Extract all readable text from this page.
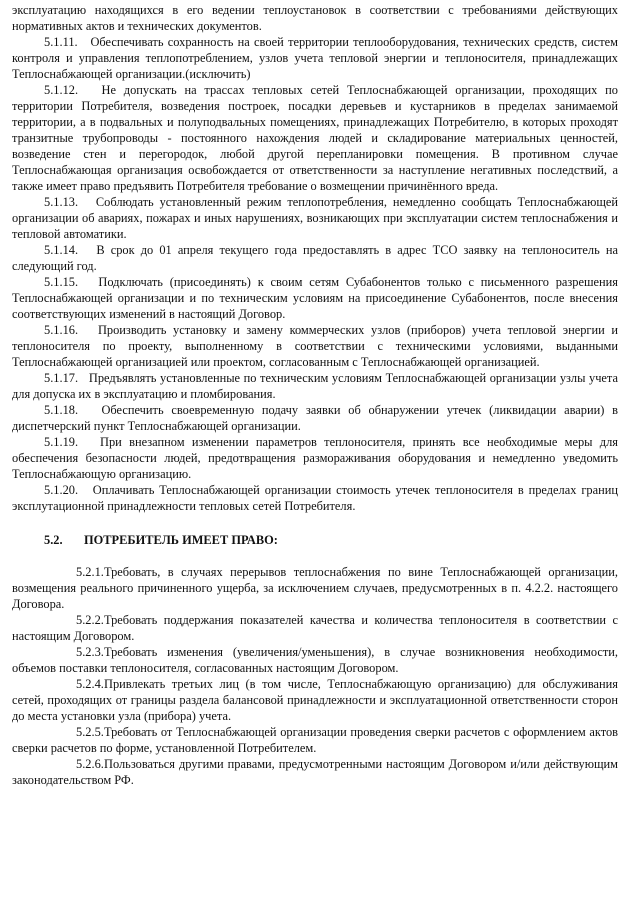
эксплуатацию находящихся в его ведении теплоустановок в соответствии с требованиями действующих нормативных актов и технических документов.

5.1.11. Обеспечивать сохранность на своей территории теплооборудования, технических средств, систем контроля и управления теплопотреблением, узлов учета тепловой энергии и теплоносителя, принадлежащих Теплоснабжающей организации.(исключить)

5.1.12. Не допускать на трассах тепловых сетей Теплоснабжающей организации, проходящих по территории Потребителя, возведения построек, посадки деревьев и кустарников в пределах занимаемой территории, а в подвальных и полуподвальных помещениях, принадлежащих Потребителю, в которых проходят транзитные трубопроводы - постоянного нахождения людей и складирование материальных ценностей, возведение стен и перегородок, любой другой перепланировки помещения. В противном случае Теплоснабжающая организация освобождается от ответственности за наступление негативных последствий, а также имеет право предъявить Потребителя требование о возмещении причинённого вреда.

5.1.13. Соблюдать установленный режим теплопотребления, немедленно сообщать Теплоснабжающей организации об авариях, пожарах и иных нарушениях, возникающих при эксплуатации систем теплоснабжения и тепловой автоматики.

5.1.14. В срок до 01 апреля текущего года предоставлять в адрес ТСО заявку на теплоноситель на следующий год.

5.1.15. Подключать (присоединять) к своим сетям Субабонентов только с письменного разрешения Теплоснабжающей организации и по техническим условиям на присоединение Субабонентов, после внесения соответствующих изменений в настоящий Договор.

5.1.16. Производить установку и замену коммерческих узлов (приборов) учета тепловой энергии и теплоносителя по проекту, выполненному в соответствии с техническими условиями, выданными Теплоснабжающей организацией или проектом, согласованным с Теплоснабжающей организацией.

5.1.17. Предъявлять установленные по техническим условиям Теплоснабжающей организации узлы учета для допуска их в эксплуатацию и пломбирования.

5.1.18. Обеспечить своевременную подачу заявки об обнаружении утечек (ликвидации аварии) в диспетчерский пункт Теплоснабжающей организации.

5.1.19. При внезапном изменении параметров теплоносителя, принять все необходимые меры для обеспечения безопасности людей, предотвращения размораживания оборудования и немедленно уведомить Теплоснабжающую организацию.

5.1.20. Оплачивать Теплоснабжающей организации стоимость утечек теплоносителя в пределах границ эксплутационной принадлежности тепловых сетей Потребителя.

5.2. ПОТРЕБИТЕЛЬ ИМЕЕТ ПРАВО:

5.2.1.Требовать, в случаях перерывов теплоснабжения по вине Теплоснабжающей организации, возмещения реального причиненного ущерба, за исключением случаев, предусмотренных в п. 4.2.2. настоящего Договора.

5.2.2.Требовать поддержания показателей качества и количества теплоносителя в соответствии с настоящим Договором.

5.2.3.Требовать изменения (увеличения/уменьшения), в случае возникновения необходимости, объемов поставки теплоносителя, согласованных настоящим Договором.

5.2.4.Привлекать третьих лиц (в том числе, Теплоснабжающую организацию) для обслуживания сетей, проходящих от границы раздела балансовой принадлежности и эксплуатационной ответственности сторон до места установки узла (прибора) учета.

5.2.5.Требовать от Теплоснабжающей организации проведения сверки расчетов с оформлением актов сверки расчетов по форме, установленной Потребителем.

5.2.6.Пользоваться другими правами, предусмотренными настоящим Договором и/или действующим законодательством РФ.
